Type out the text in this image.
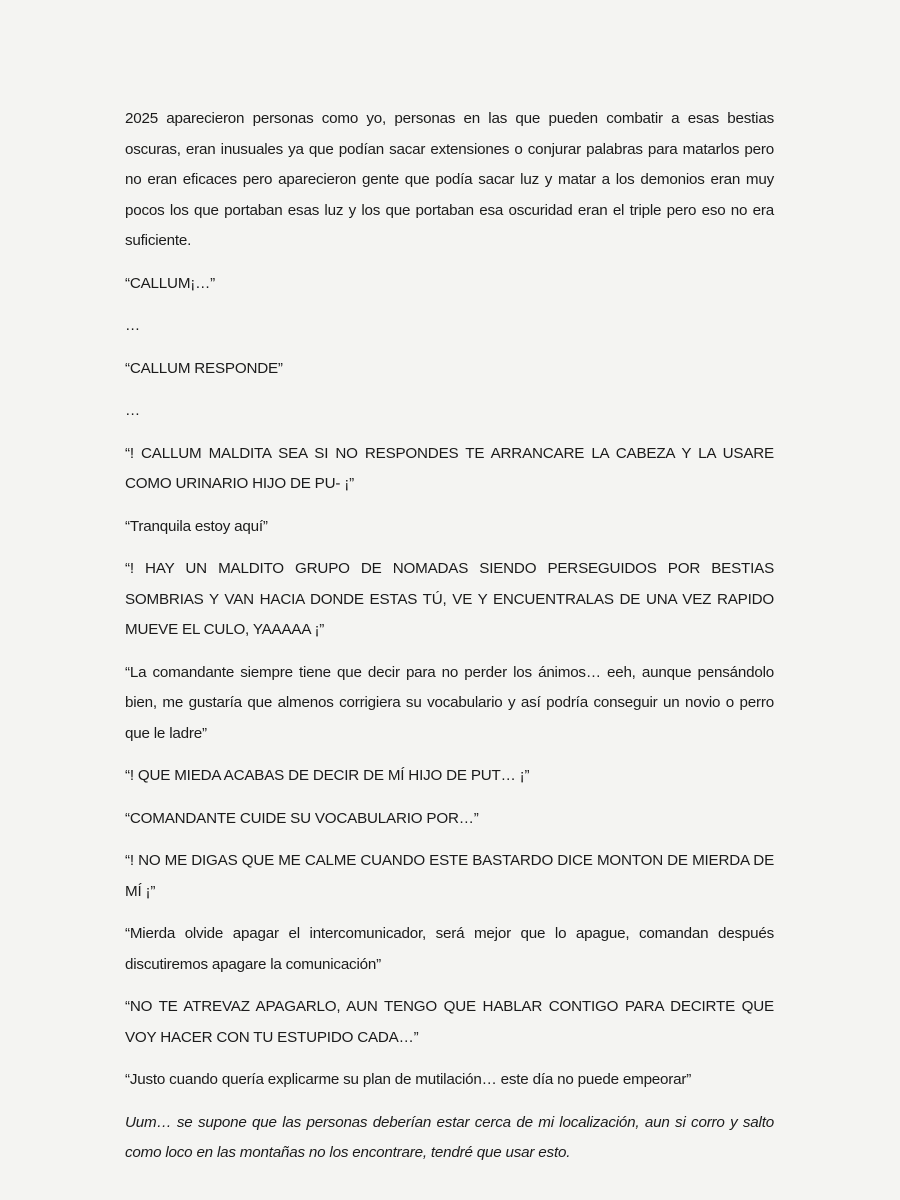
2025 aparecieron personas como yo, personas en las que pueden combatir a esas bestias oscuras, eran inusuales ya que podían sacar extensiones o conjurar palabras para matarlos pero no eran eficaces pero aparecieron gente que podía sacar luz y matar a los demonios eran muy pocos los que portaban esas luz y los que portaban esa oscuridad eran el triple pero eso no era suficiente.

“CALLUM¡…”

…

“CALLUM RESPONDE”

…

“! CALLUM MALDITA SEA SI NO RESPONDES TE ARRANCARE LA CABEZA Y LA USARE COMO URINARIO HIJO DE PU- ¡”

“Tranquila estoy aquí”

“! HAY UN MALDITO GRUPO DE NOMADAS SIENDO PERSEGUIDOS POR BESTIAS SOMBRIAS Y VAN HACIA DONDE ESTAS TÚ, VE Y ENCUENTRALAS DE UNA VEZ RAPIDO MUEVE EL CULO, YAAAAA ¡”

“La comandante siempre tiene que decir para no perder los ánimos… eeh, aunque pensándolo bien, me gustaría que almenos corrigiera su vocabulario y así podría conseguir un novio o perro que le ladre”

“! QUE MIEDA ACABAS DE DECIR DE MÍ HIJO DE PUT… ¡”

“COMANDANTE CUIDE SU VOCABULARIO POR…”

“! NO ME DIGAS QUE ME CALME CUANDO ESTE BASTARDO DICE MONTON DE MIERDA DE MÍ ¡”

“Mierda olvide apagar el intercomunicador, será mejor que lo apague, comandan después discutiremos apagare la comunicación”

“NO TE ATREVAZ APAGARLO, AUN TENGO QUE HABLAR CONTIGO PARA DECIRTE QUE VOY HACER CON TU ESTUPIDO CADA…”

“Justo cuando quería explicarme su plan de mutilación… este día no puede empeorar”

Uum… se supone que las personas deberían estar cerca de mi localización, aun si corro y salto como loco en las montañas no los encontrare, tendré que usar esto.
